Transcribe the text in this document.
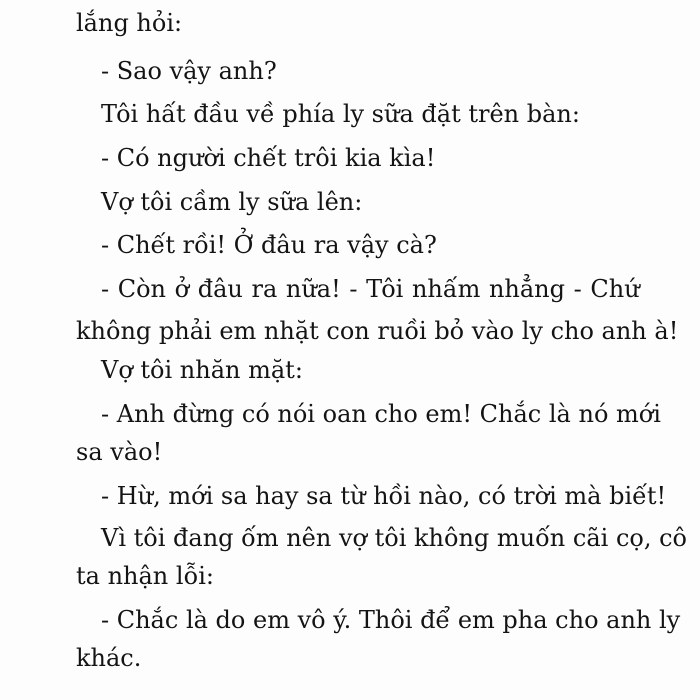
lắng hỏi:
- Sao vậy anh?
Tôi hất đầu về phía ly sữa đặt trên bàn:
- Có người chết trôi kia kìa!
Vợ tôi cầm ly sữa lên:
- Chết rồi! Ở đâu ra vậy cà?
- Còn ở đâu ra nữa! - Tôi nhấm nhẳng - Chứ
không phải em nhặt con ruồi bỏ vào ly cho anh à!
Vợ tôi nhăn mặt:
- Anh đừng có nói oan cho em! Chắc là nó mới
sa vào!
- Hừ, mới sa hay sa từ hồi nào, có trời mà biết!
Vì tôi đang ốm nên vợ tôi không muốn cãi cọ, cô
ta nhận lỗi:
- Chắc là do em vô ý. Thôi để em pha cho anh ly
khác.
